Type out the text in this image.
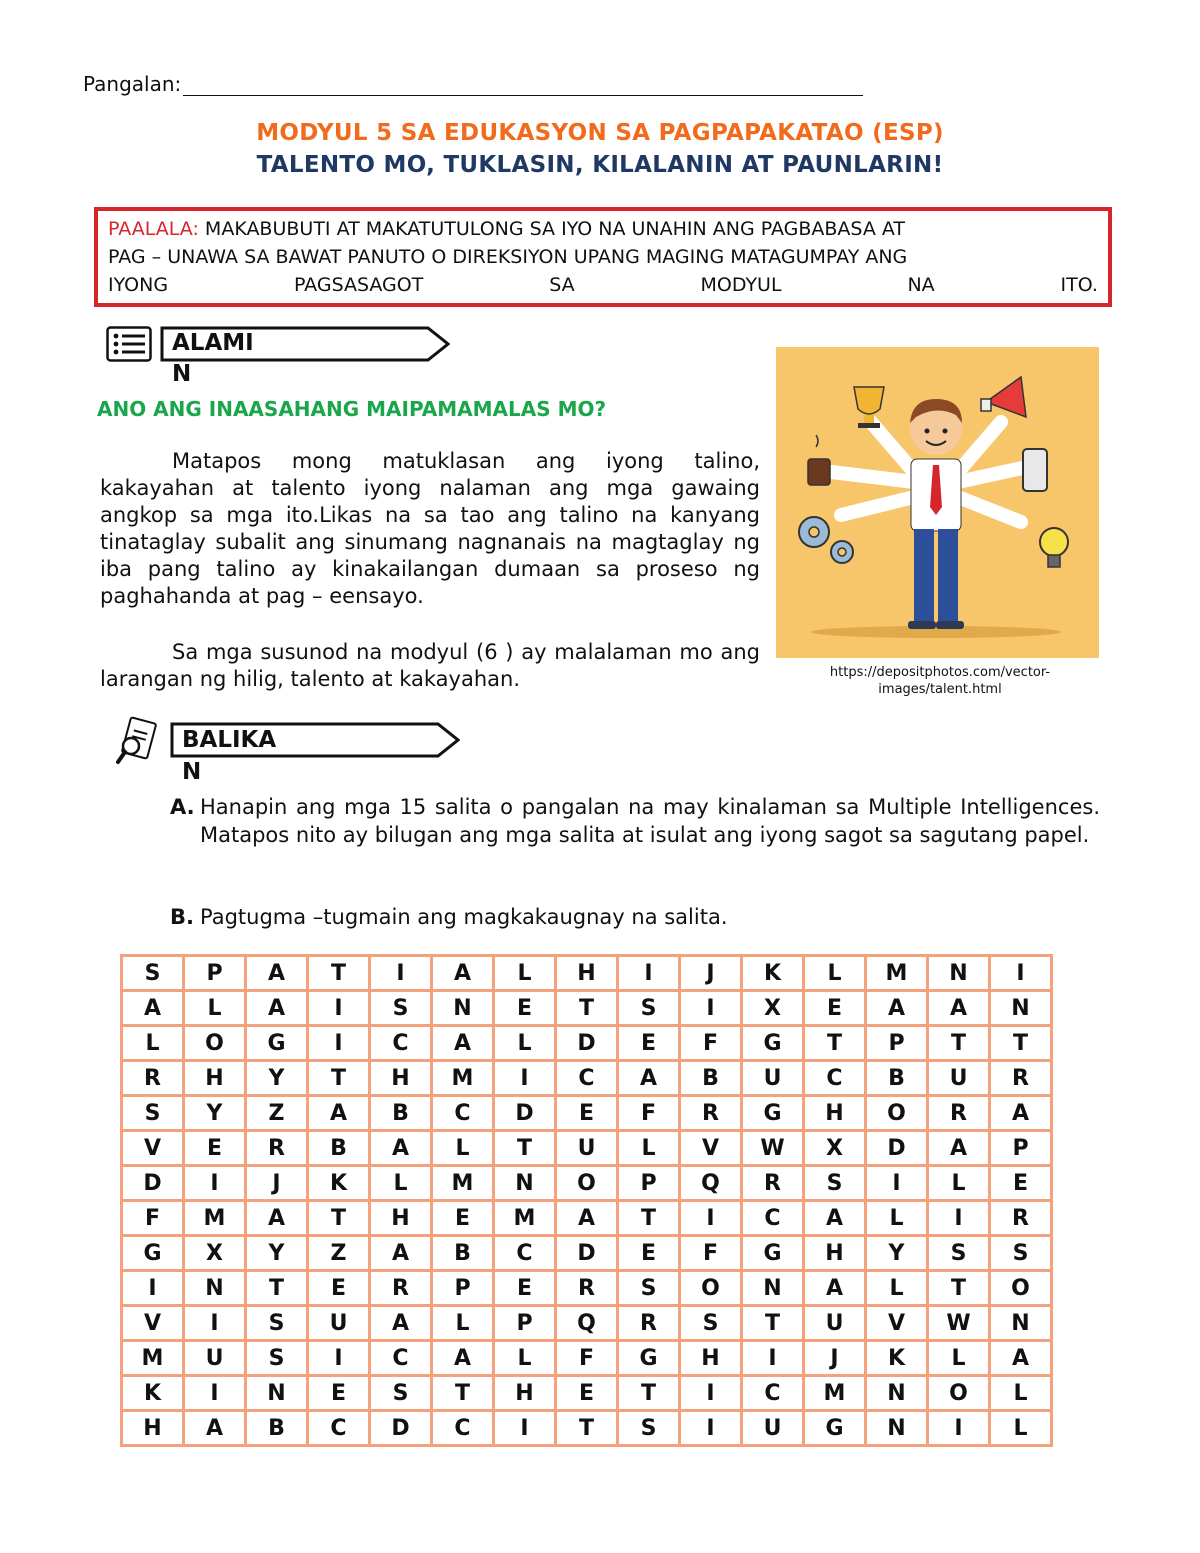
Pangalan:
MODYUL 5 SA EDUKASYON SA PAGPAPAKATAO (ESP)
TALENTO MO, TUKLASIN, KILALANIN AT PAUNLARIN!
PAALALA: MAKABUBUTI AT MAKATUTULONG SA IYO NA UNAHIN ANG PAGBABASA AT
PAG – UNAWA SA BAWAT PANUTO O DIREKSIYON UPANG MAGING MATAGUMPAY ANG
IYONG	PAGSASAGOT	SA	MODYUL	NA	ITO.
ALAMI
N
ANO ANG INAASAHANG MAIPAMAMALAS MO?
Matapos mong matuklasan ang iyong talino, kakayahan at talento iyong nalaman ang mga gawaing angkop sa mga ito.Likas na sa tao ang talino na kanyang tinataglay subalit ang sinumang nagnanais na magtaglay ng iba pang talino ay kinakailangan dumaan sa proseso ng paghahanda at pag – eensayo.
Sa mga susunod na modyul (6 ) ay malalaman mo ang larangan ng hilig, talento at kakayahan.	https://depositphotos.com/vector-images/talent.html
BALIKA
N
A. Hanapin ang mga 15 salita o pangalan na may kinalaman sa Multiple Intelligences. Matapos nito ay bilugan ang mga salita at isulat ang iyong sagot sa sagutang papel.
B. Pagtugma –tugmain ang magkakaugnay na salita.
S	P	A	T	I	A	L	H	I	J	K	L	M	N	I
A	L	A	I	S	N	E	T	S	I	X	E	A	A	N
L	O	G	I	C	A	L	D	E	F	G	T	P	T	T
R	H	Y	T	H	M	I	C	A	B	U	C	B	U	R
S	Y	Z	A	B	C	D	E	F	R	G	H	O	R	A
V	E	R	B	A	L	T	U	L	V	W	X	D	A	P
D	I	J	K	L	M	N	O	P	Q	R	S	I	L	E
F	M	A	T	H	E	M	A	T	I	C	A	L	I	R
G	X	Y	Z	A	B	C	D	E	F	G	H	Y	S	S
I	N	T	E	R	P	E	R	S	O	N	A	L	T	O
V	I	S	U	A	L	P	Q	R	S	T	U	V	W	N
M	U	S	I	C	A	L	F	G	H	I	J	K	L	A
K	I	N	E	S	T	H	E	T	I	C	M	N	O	L
H	A	B	C	D	C	I	T	S	I	U	G	N	I	L
